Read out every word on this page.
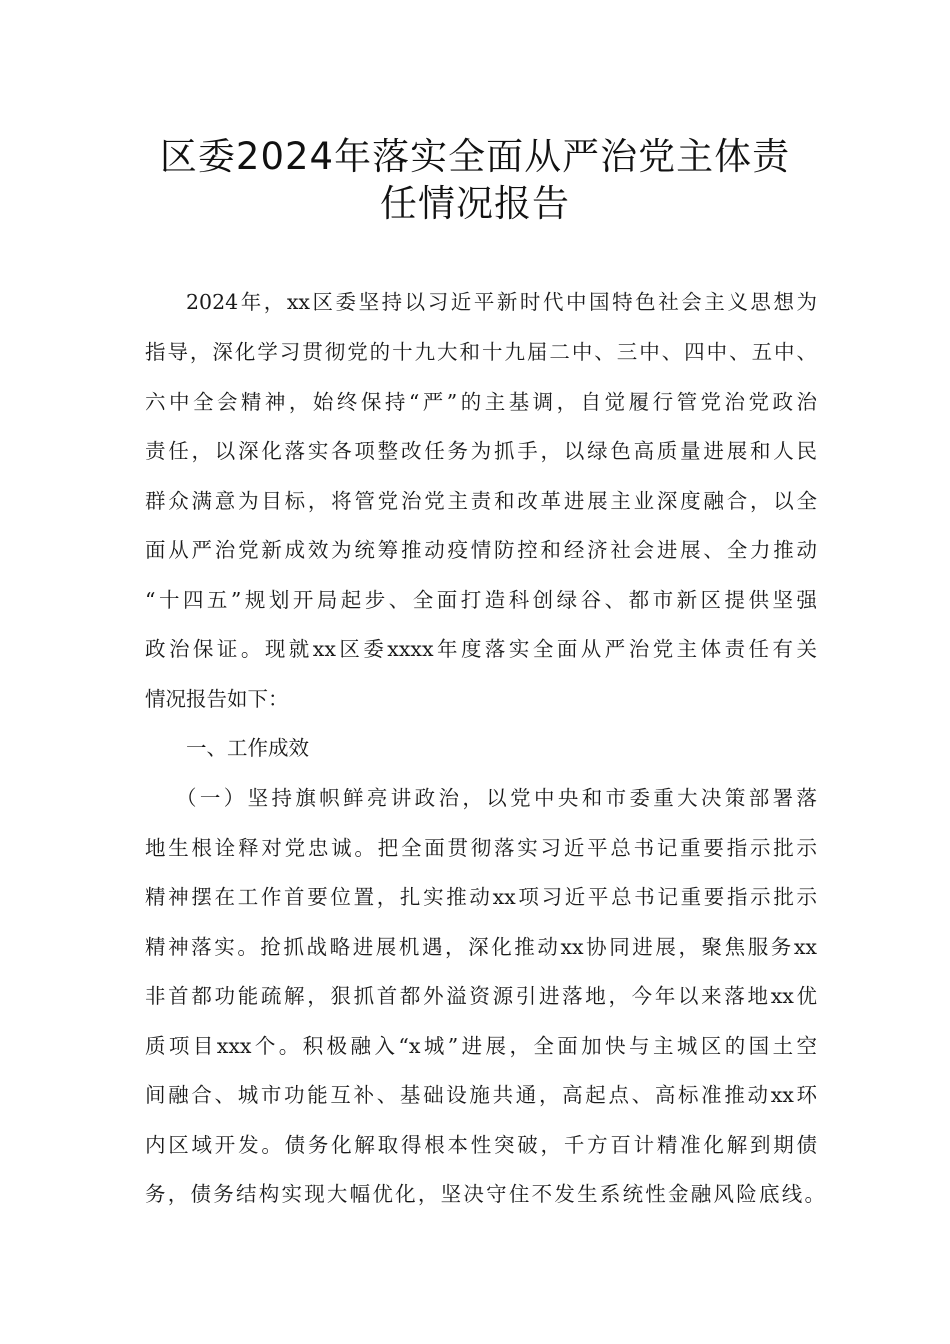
区委2024年落实全面从严治党主体责
任情况报告
2024年，xx区委坚持以习近平新时代中国特色社会主义思想为
指导，深化学习贯彻党的十九大和十九届二中、三中、四中、五中、
六中全会精神，始终保持“严”的主基调，自觉履行管党治党政治
责任，以深化落实各项整改任务为抓手，以绿色高质量进展和人民
群众满意为目标，将管党治党主责和改革进展主业深度融合，以全
面从严治党新成效为统筹推动疫情防控和经济社会进展、全力推动
“十四五”规划开局起步、全面打造科创绿谷、都市新区提供坚强
政治保证。现就xx区委xxxx年度落实全面从严治党主体责任有关
情况报告如下：
一、工作成效
（一）坚持旗帜鲜亮讲政治，以党中央和市委重大决策部署落
地生根诠释对党忠诚。把全面贯彻落实习近平总书记重要指示批示
精神摆在工作首要位置，扎实推动xx项习近平总书记重要指示批示
精神落实。抢抓战略进展机遇，深化推动xx协同进展，聚焦服务xx
非首都功能疏解，狠抓首都外溢资源引进落地，今年以来落地xx优
质项目xxx个。积极融入“x城”进展，全面加快与主城区的国土空
间融合、城市功能互补、基础设施共通，高起点、高标准推动xx环
内区域开发。债务化解取得根本性突破，千方百计精准化解到期债
务，债务结构实现大幅优化，坚决守住不发生系统性金融风险底线。
